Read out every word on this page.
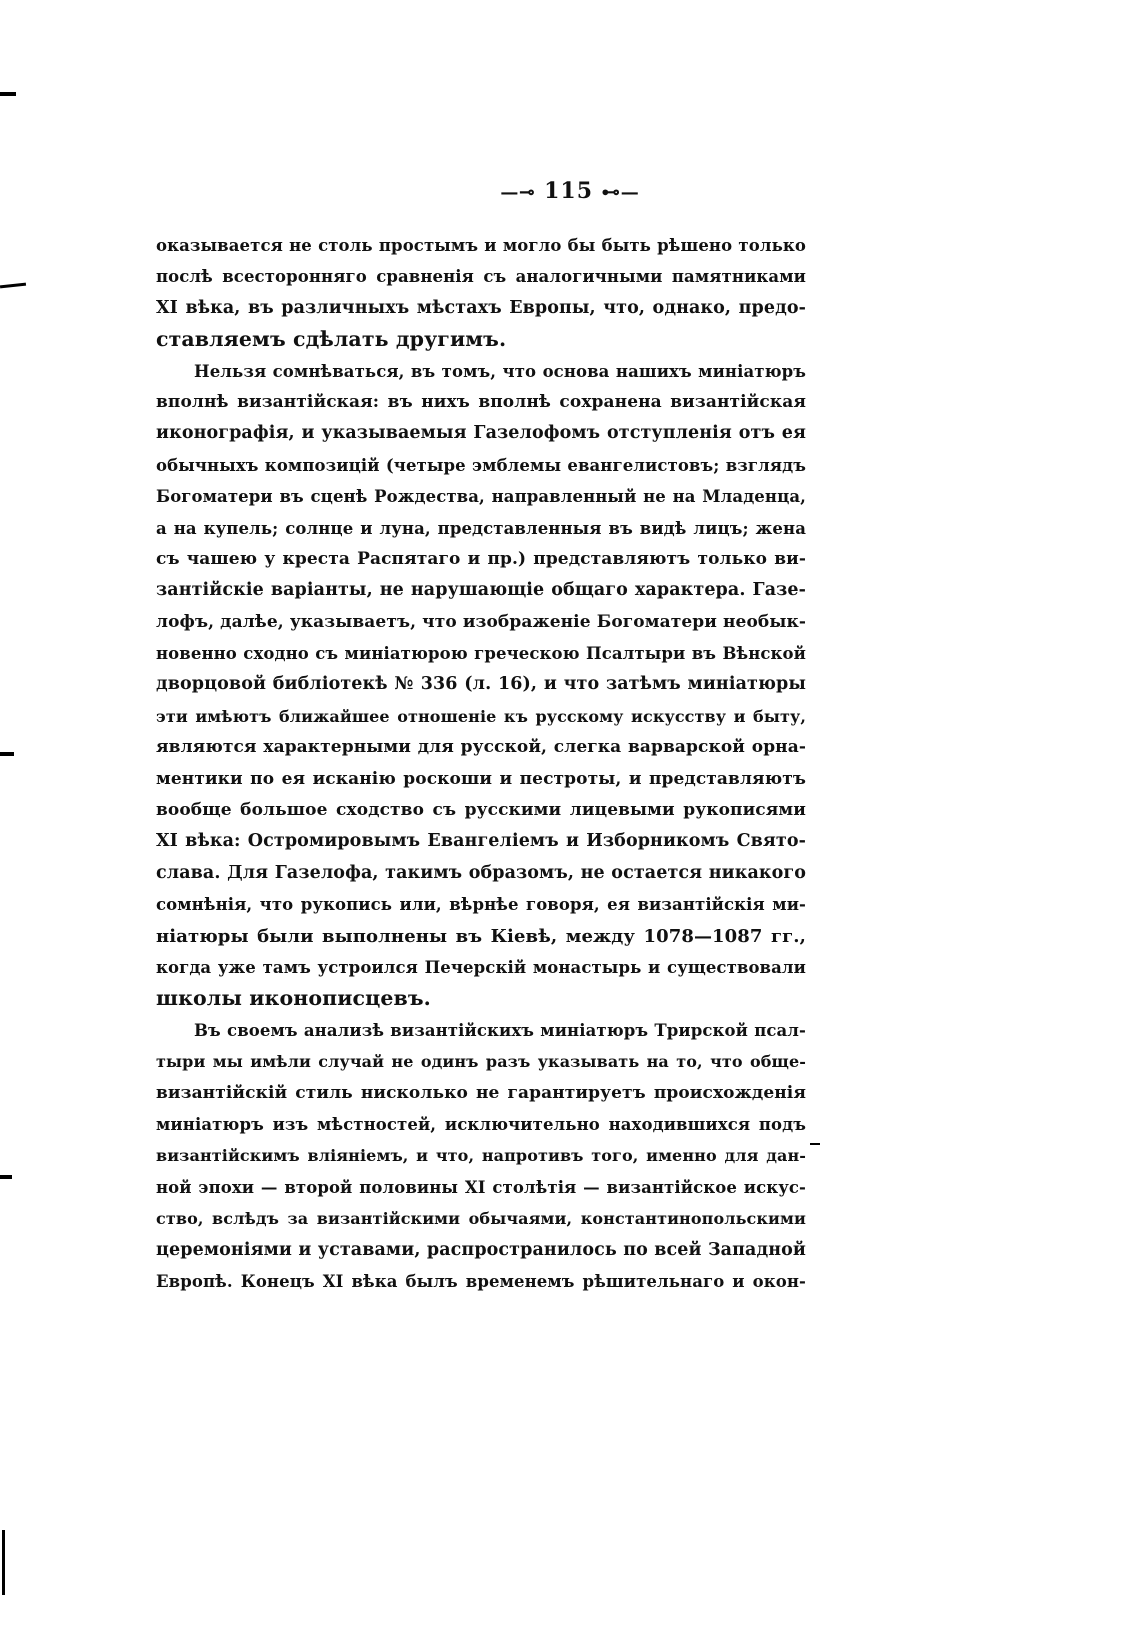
—⊸ 115 ⊷—
оказывается не столь простымъ и могло бы быть рѣшено только
послѣ всесторонняго сравненія съ аналогичными памятниками
XI вѣка, въ различныхъ мѣстахъ Европы, что, однако, предо-
ставляемъ сдѣлать другимъ.
Нельзя сомнѣваться, въ томъ, что основа нашихъ миніатюръ
вполнѣ византійская: въ нихъ вполнѣ сохранена византійская
иконографія, и указываемыя Газелофомъ отступленія отъ ея
обычныхъ композицій (четыре эмблемы евангелистовъ; взглядъ
Богоматери въ сценѣ Рождества, направленный не на Младенца,
а на купель; солнце и луна, представленныя въ видѣ лицъ; жена
съ чашею у креста Распятаго и пр.) представляютъ только ви-
зантійскіе варіанты, не нарушающіе общаго характера. Газе-
лофъ, далѣе, указываетъ, что изображеніе Богоматери необык-
новенно сходно съ миніатюрою греческою Псалтыри въ Вѣнской
дворцовой библіотекѣ № 336 (л. 16), и что затѣмъ миніатюры
эти имѣютъ ближайшее отношеніе къ русскому искусству и быту,
являются характерными для русской, слегка варварской орна-
ментики по ея исканію роскоши и пестроты, и представляютъ
вообще большое сходство съ русскими лицевыми рукописями
XI вѣка: Остромировымъ Евангеліемъ и Изборникомъ Свято-
слава. Для Газелофа, такимъ образомъ, не остается никакого
сомнѣнія, что рукопись или, вѣрнѣе говоря, ея византійскія ми-
ніатюры были выполнены въ Кіевѣ, между 1078—1087 гг.,
когда уже тамъ устроился Печерскій монастырь и существовали
школы иконописцевъ.
Въ своемъ анализѣ византійскихъ миніатюръ Трирской псал-
тыри мы имѣли случай не одинъ разъ указывать на то, что обще-
византійскій стиль нисколько не гарантируетъ происхожденія
миніатюръ изъ мѣстностей, исключительно находившихся подъ
византійскимъ вліяніемъ, и что, напротивъ того, именно для дан-
ной эпохи — второй половины XI столѣтія — византійское искус-
ство, вслѣдъ за византійскими обычаями, константинопольскими
церемоніями и уставами, распространилось по всей Западной
Европѣ. Конецъ XI вѣка былъ временемъ рѣшительнаго и окон-
